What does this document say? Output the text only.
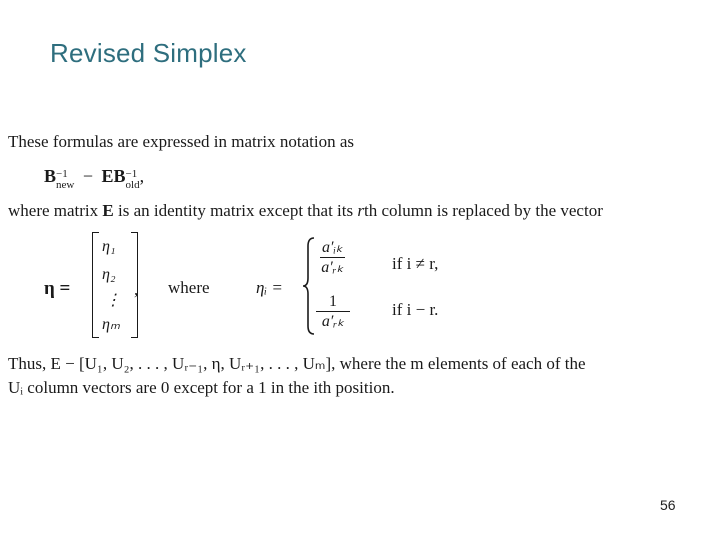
Revised Simplex
These formulas are expressed in matrix notation as
B −1
new − EB −1
old ,
where matrix E is an identity matrix except that its rth column is replaced by the vector
η =
η₁
η₂
⋮
ηₘ
, where	ηᵢ =
$\frac{\text{a′ᵢₖ}}{\text{a′ᵣₖ}}$	if i ≠ r,
$\frac{1}{\text{a′ᵣₖ}}$ if i − r.
Thus, E − [U₁, U₂, . . . , Uᵣ₋₁, η, Uᵣ₊₁, . . . , Uₘ], where the m elements of each of the
Uᵢ column vectors are 0 except for a 1 in the ith position.
56
